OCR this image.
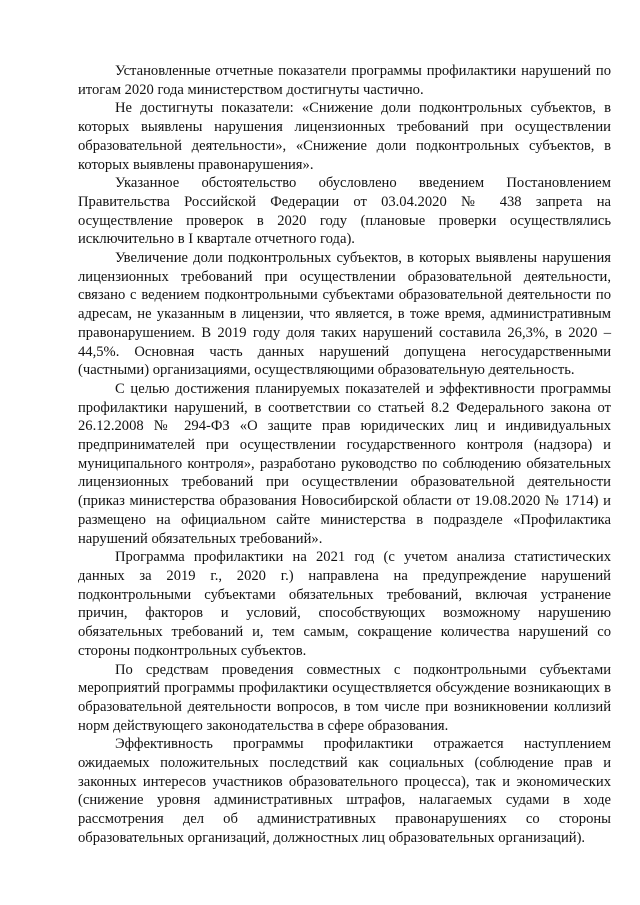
Установленные отчетные показатели программы профилактики нарушений по итогам 2020 года министерством достигнуты частично.

Не достигнуты показатели: «Снижение доли подконтрольных субъектов, в которых выявлены нарушения лицензионных требований при осуществлении образовательной деятельности», «Снижение доли подконтрольных субъектов, в которых выявлены правонарушения».

Указанное обстоятельство обусловлено введением Постановлением Правительства Российской Федерации от 03.04.2020 № 438 запрета на осуществление проверок в 2020 году (плановые проверки осуществлялись исключительно в I квартале отчетного года).

Увеличение доли подконтрольных субъектов, в которых выявлены нарушения лицензионных требований при осуществлении образовательной деятельности, связано с ведением подконтрольными субъектами образовательной деятельности по адресам, не указанным в лицензии, что является, в тоже время, административным правонарушением. В 2019 году доля таких нарушений составила 26,3%, в 2020 – 44,5%. Основная часть данных нарушений допущена негосударственными (частными) организациями, осуществляющими образовательную деятельность.

С целью достижения планируемых показателей и эффективности программы профилактики нарушений, в соответствии со статьей 8.2 Федерального закона от 26.12.2008 № 294-ФЗ «О защите прав юридических лиц и индивидуальных предпринимателей при осуществлении государственного контроля (надзора) и муниципального контроля», разработано руководство по соблюдению обязательных лицензионных требований при осуществлении образовательной деятельности (приказ министерства образования Новосибирской области от 19.08.2020 № 1714) и размещено на официальном сайте министерства в подразделе «Профилактика нарушений обязательных требований».

Программа профилактики на 2021 год (с учетом анализа статистических данных за 2019 г., 2020 г.) направлена на предупреждение нарушений подконтрольными субъектами обязательных требований, включая устранение причин, факторов и условий, способствующих возможному нарушению обязательных требований и, тем самым, сокращение количества нарушений со стороны подконтрольных субъектов.

По средствам проведения совместных с подконтрольными субъектами мероприятий программы профилактики осуществляется обсуждение возникающих в образовательной деятельности вопросов, в том числе при возникновении коллизий норм действующего законодательства в сфере образования.

Эффективность программы профилактики отражается наступлением ожидаемых положительных последствий как социальных (соблюдение прав и законных интересов участников образовательного процесса), так и экономических (снижение уровня административных штрафов, налагаемых судами в ходе рассмотрения дел об административных правонарушениях со стороны образовательных организаций, должностных лиц образовательных организаций).
